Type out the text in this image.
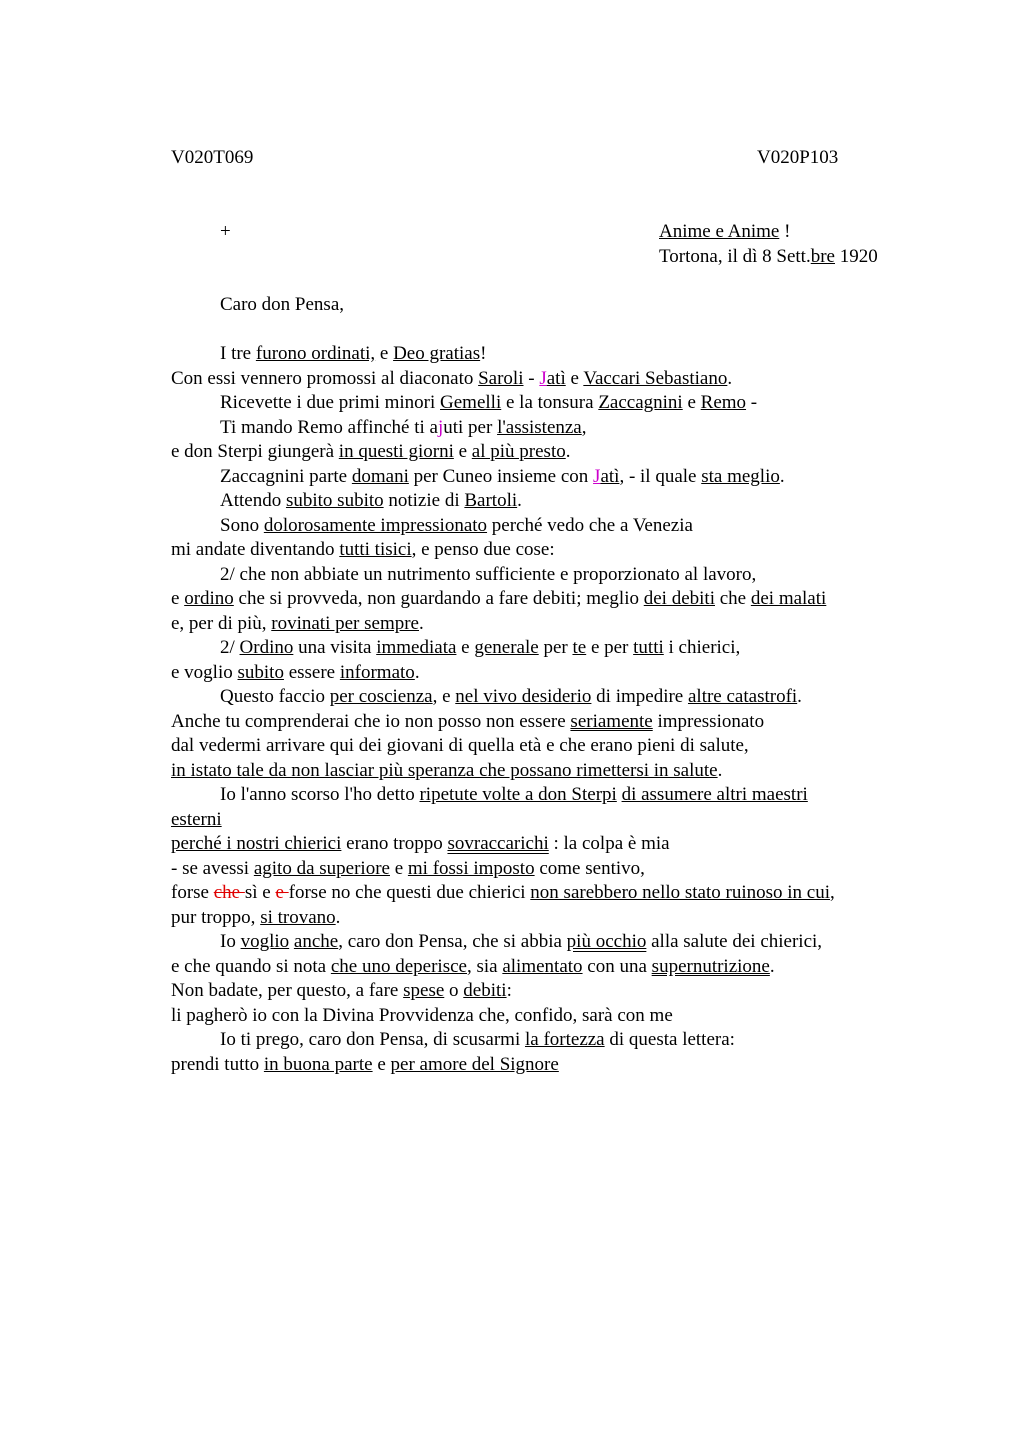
V020T069	V020P103
+	Anime e Anime !
Tortona, il dì 8 Sett.bre 1920
Caro don Pensa,
I tre furono ordinati, e Deo gratias!
Con essi vennero promossi al diaconato Saroli - Jatì e Vaccari Sebastiano.
Ricevette i due primi minori Gemelli e la tonsura Zaccagnini e Remo -
Ti mando Remo affinché ti ajuti per l'assistenza,
e don Sterpi giungerà in questi giorni e al più presto.
Zaccagnini parte domani per Cuneo insieme con Jatì, - il quale sta meglio.
Attendo subito subito notizie di Bartoli.
Sono dolorosamente impressionato perché vedo che a Venezia
mi andate diventando tutti tisici, e penso due cose:
2/ che non abbiate un nutrimento sufficiente e proporzionato al lavoro,
e ordino che si provveda, non guardando a fare debiti; meglio dei debiti che dei malati
e, per di più, rovinati per sempre.
2/ Ordino una visita immediata e generale per te e per tutti i chierici,
e voglio subito essere informato.
Questo faccio per coscienza, e nel vivo desiderio di impedire altre catastrofi.
Anche tu comprenderai che io non posso non essere seriamente impressionato
dal vedermi arrivare qui dei giovani di quella età e che erano pieni di salute,
in istato tale da non lasciar più speranza che possano rimettersi in salute.
Io l'anno scorso l'ho detto ripetute volte a don Sterpi di assumere altri maestri
esterni
perché i nostri chierici erano troppo sovraccarichi : la colpa è mia
- se avessi agito da superiore e mi fossi imposto come sentivo,
forse che sì e e forse no che questi due chierici non sarebbero nello stato ruinoso in cui,
pur troppo, si trovano.
Io voglio anche, caro don Pensa, che si abbia più occhio alla salute dei chierici,
e che quando si nota che uno deperisce, sia alimentato con una supernutrizione.
Non badate, per questo, a fare spese o debiti:
li pagherò io con la Divina Provvidenza che, confido, sarà con me
Io ti prego, caro don Pensa, di scusarmi la fortezza di questa lettera:
prendi tutto in buona parte e per amore del Signore
